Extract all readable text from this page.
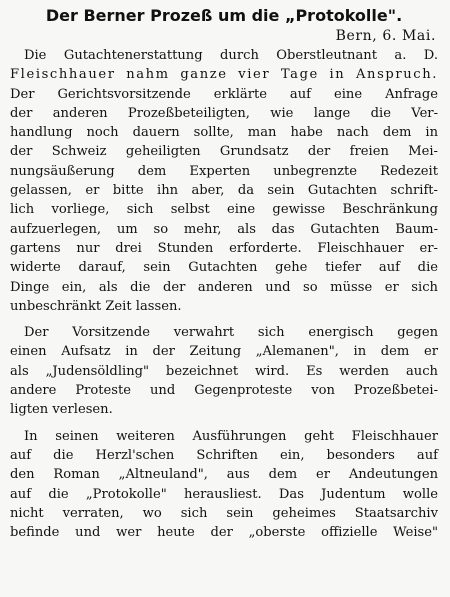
Der Berner Prozeß um die „Protokolle".
Bern, 6. Mai.

Die Gutachtenerstattung durch Oberstleutnant a. D.
Fleischhauer nahm ganze vier Tage in Anspruch.
Der Gerichtsvorsitzende erklärte auf eine Anfrage
der anderen Prozeßbeteiligten, wie lange die Ver-
handlung noch dauern sollte, man habe nach dem in
der Schweiz geheiligten Grundsatz der freien Mei-
nungsäußerung dem Experten unbegrenzte Redezeit
gelassen, er bitte ihn aber, da sein Gutachten schrift-
lich vorliege, sich selbst eine gewisse Beschränkung
aufzuerlegen, um so mehr, als das Gutachten Baum-
gartens nur drei Stunden erforderte. Fleischhauer er-
widerte darauf, sein Gutachten gehe tiefer auf die
Dinge ein, als die der anderen und so müsse er sich
unbeschränkt Zeit lassen.

Der Vorsitzende verwahrt sich energisch gegen
einen Aufsatz in der Zeitung „Alemanen", in dem er
als „Judensöldling" bezeichnet wird. Es werden auch
andere Proteste und Gegenproteste von Prozeßbetei-
ligten verlesen.

In seinen weiteren Ausführungen geht Fleischhauer
auf die Herzl'schen Schriften ein, besonders auf
den Roman „Altneuland", aus dem er Andeutungen
auf die „Protokolle" herausliest. Das Judentum wolle
nicht verraten, wo sich sein geheimes Staatsarchiv
befinde und wer heute der „oberste offizielle Weise"
